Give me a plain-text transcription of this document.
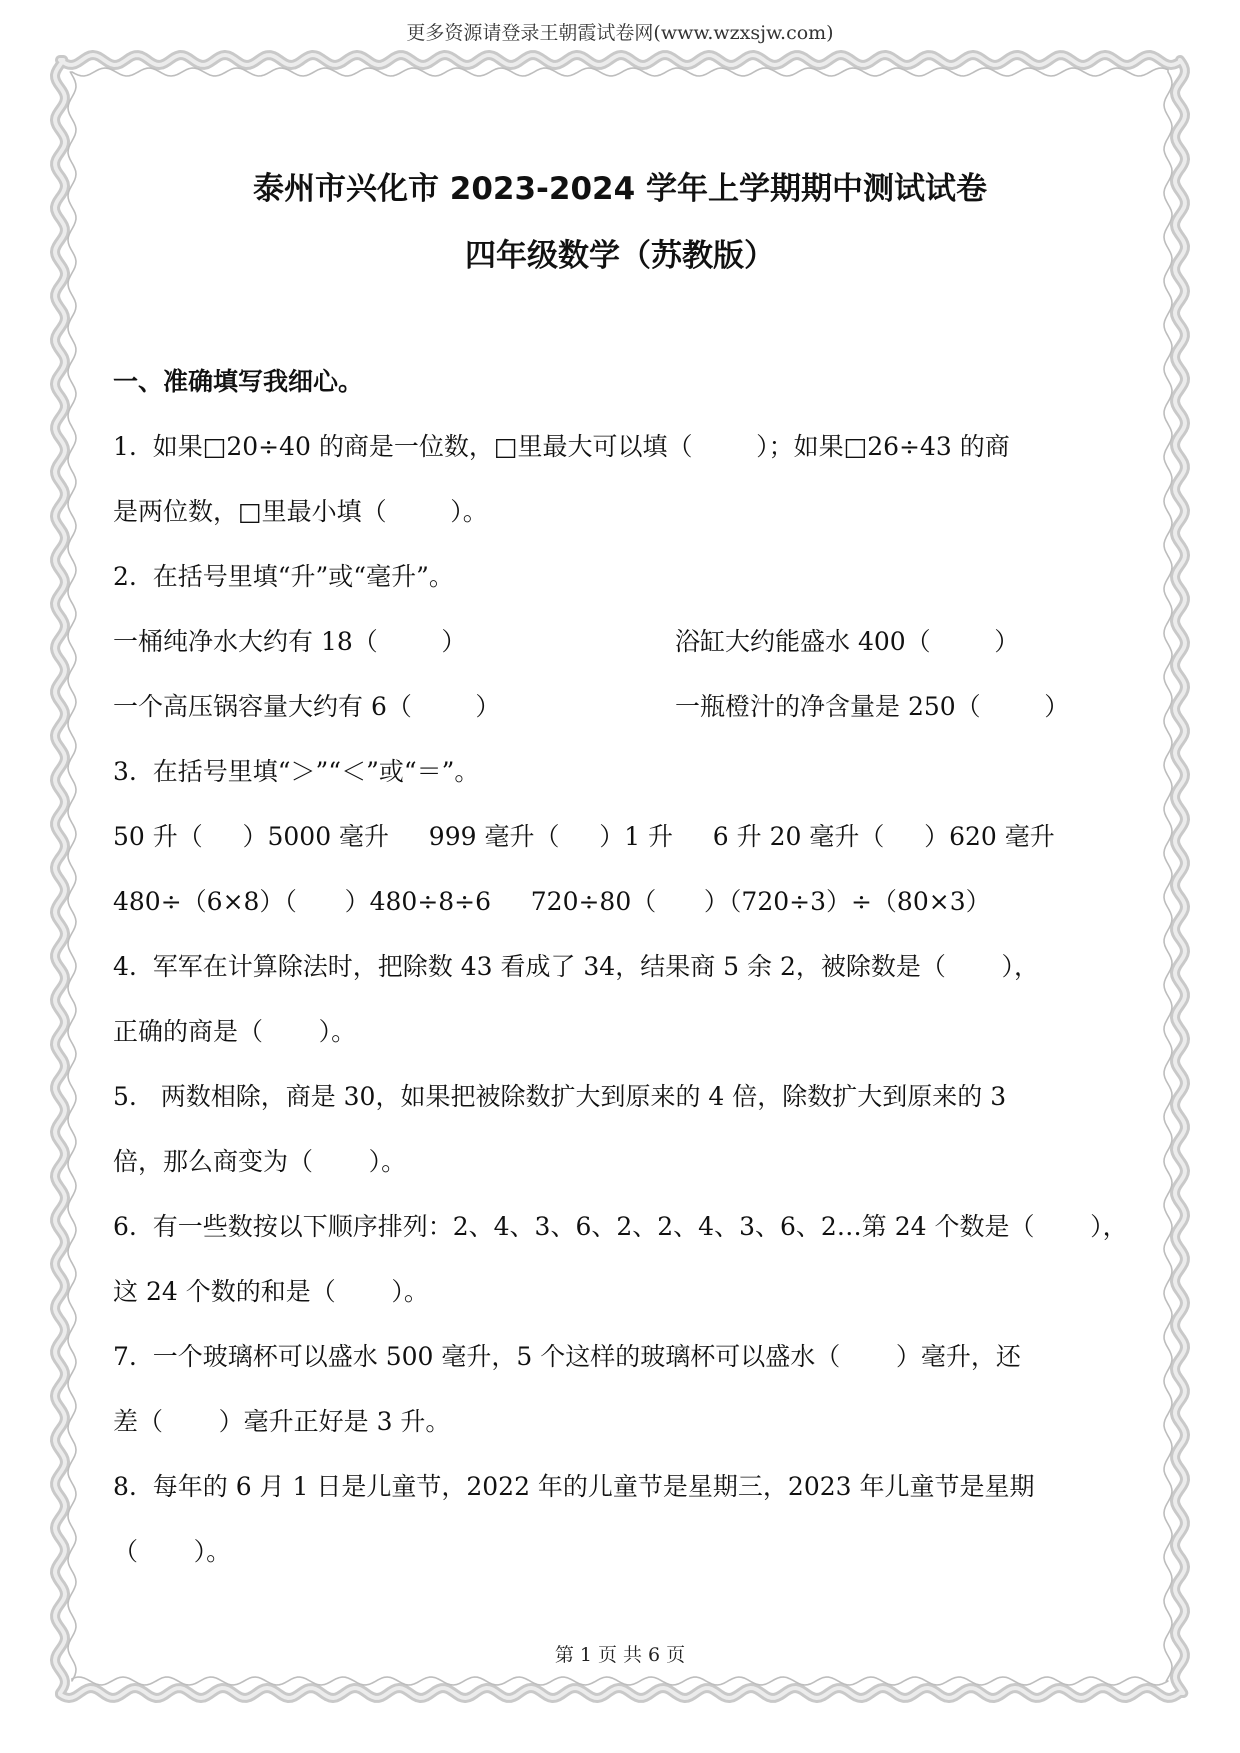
更多资源请登录王朝霞试卷网(www.wzxsjw.com)
泰州市兴化市 2023-2024 学年上学期期中测试试卷
四年级数学（苏教版）
一、准确填写我细心。
1.  如果□20÷40 的商是一位数，□里最大可以填（        ）；如果□26÷43 的商
是两位数，□里最小填（        ）。
2.  在括号里填“升”或“毫升”。
一桶纯净水大约有 18（        ）	浴缸大约能盛水 400（        ）
一个高压锅容量大约有 6（        ）	一瓶橙汁的净含量是 250（        ）
3.  在括号里填“＞”“＜”或“＝”。
50 升（     ）5000 毫升     999 毫升（     ）1 升     6 升 20 毫升（     ）620 毫升
480÷（6×8）（      ）480÷8÷6     720÷80（      ）（720÷3）÷（80×3）
4.  军军在计算除法时，把除数 43 看成了 34，结果商 5 余 2，被除数是（       ），
正确的商是（       ）。
5.   两数相除，商是 30，如果把被除数扩大到原来的 4 倍，除数扩大到原来的 3
倍，那么商变为（       ）。
6.  有一些数按以下顺序排列：2、4、3、6、2、2、4、3、6、2…第 24 个数是（       ），
这 24 个数的和是（       ）。
7.  一个玻璃杯可以盛水 500 毫升，5 个这样的玻璃杯可以盛水（       ）毫升，还
差（       ）毫升正好是 3 升。
8.  每年的 6 月 1 日是儿童节，2022 年的儿童节是星期三，2023 年儿童节是星期
（       ）。
第 1 页 共 6 页
